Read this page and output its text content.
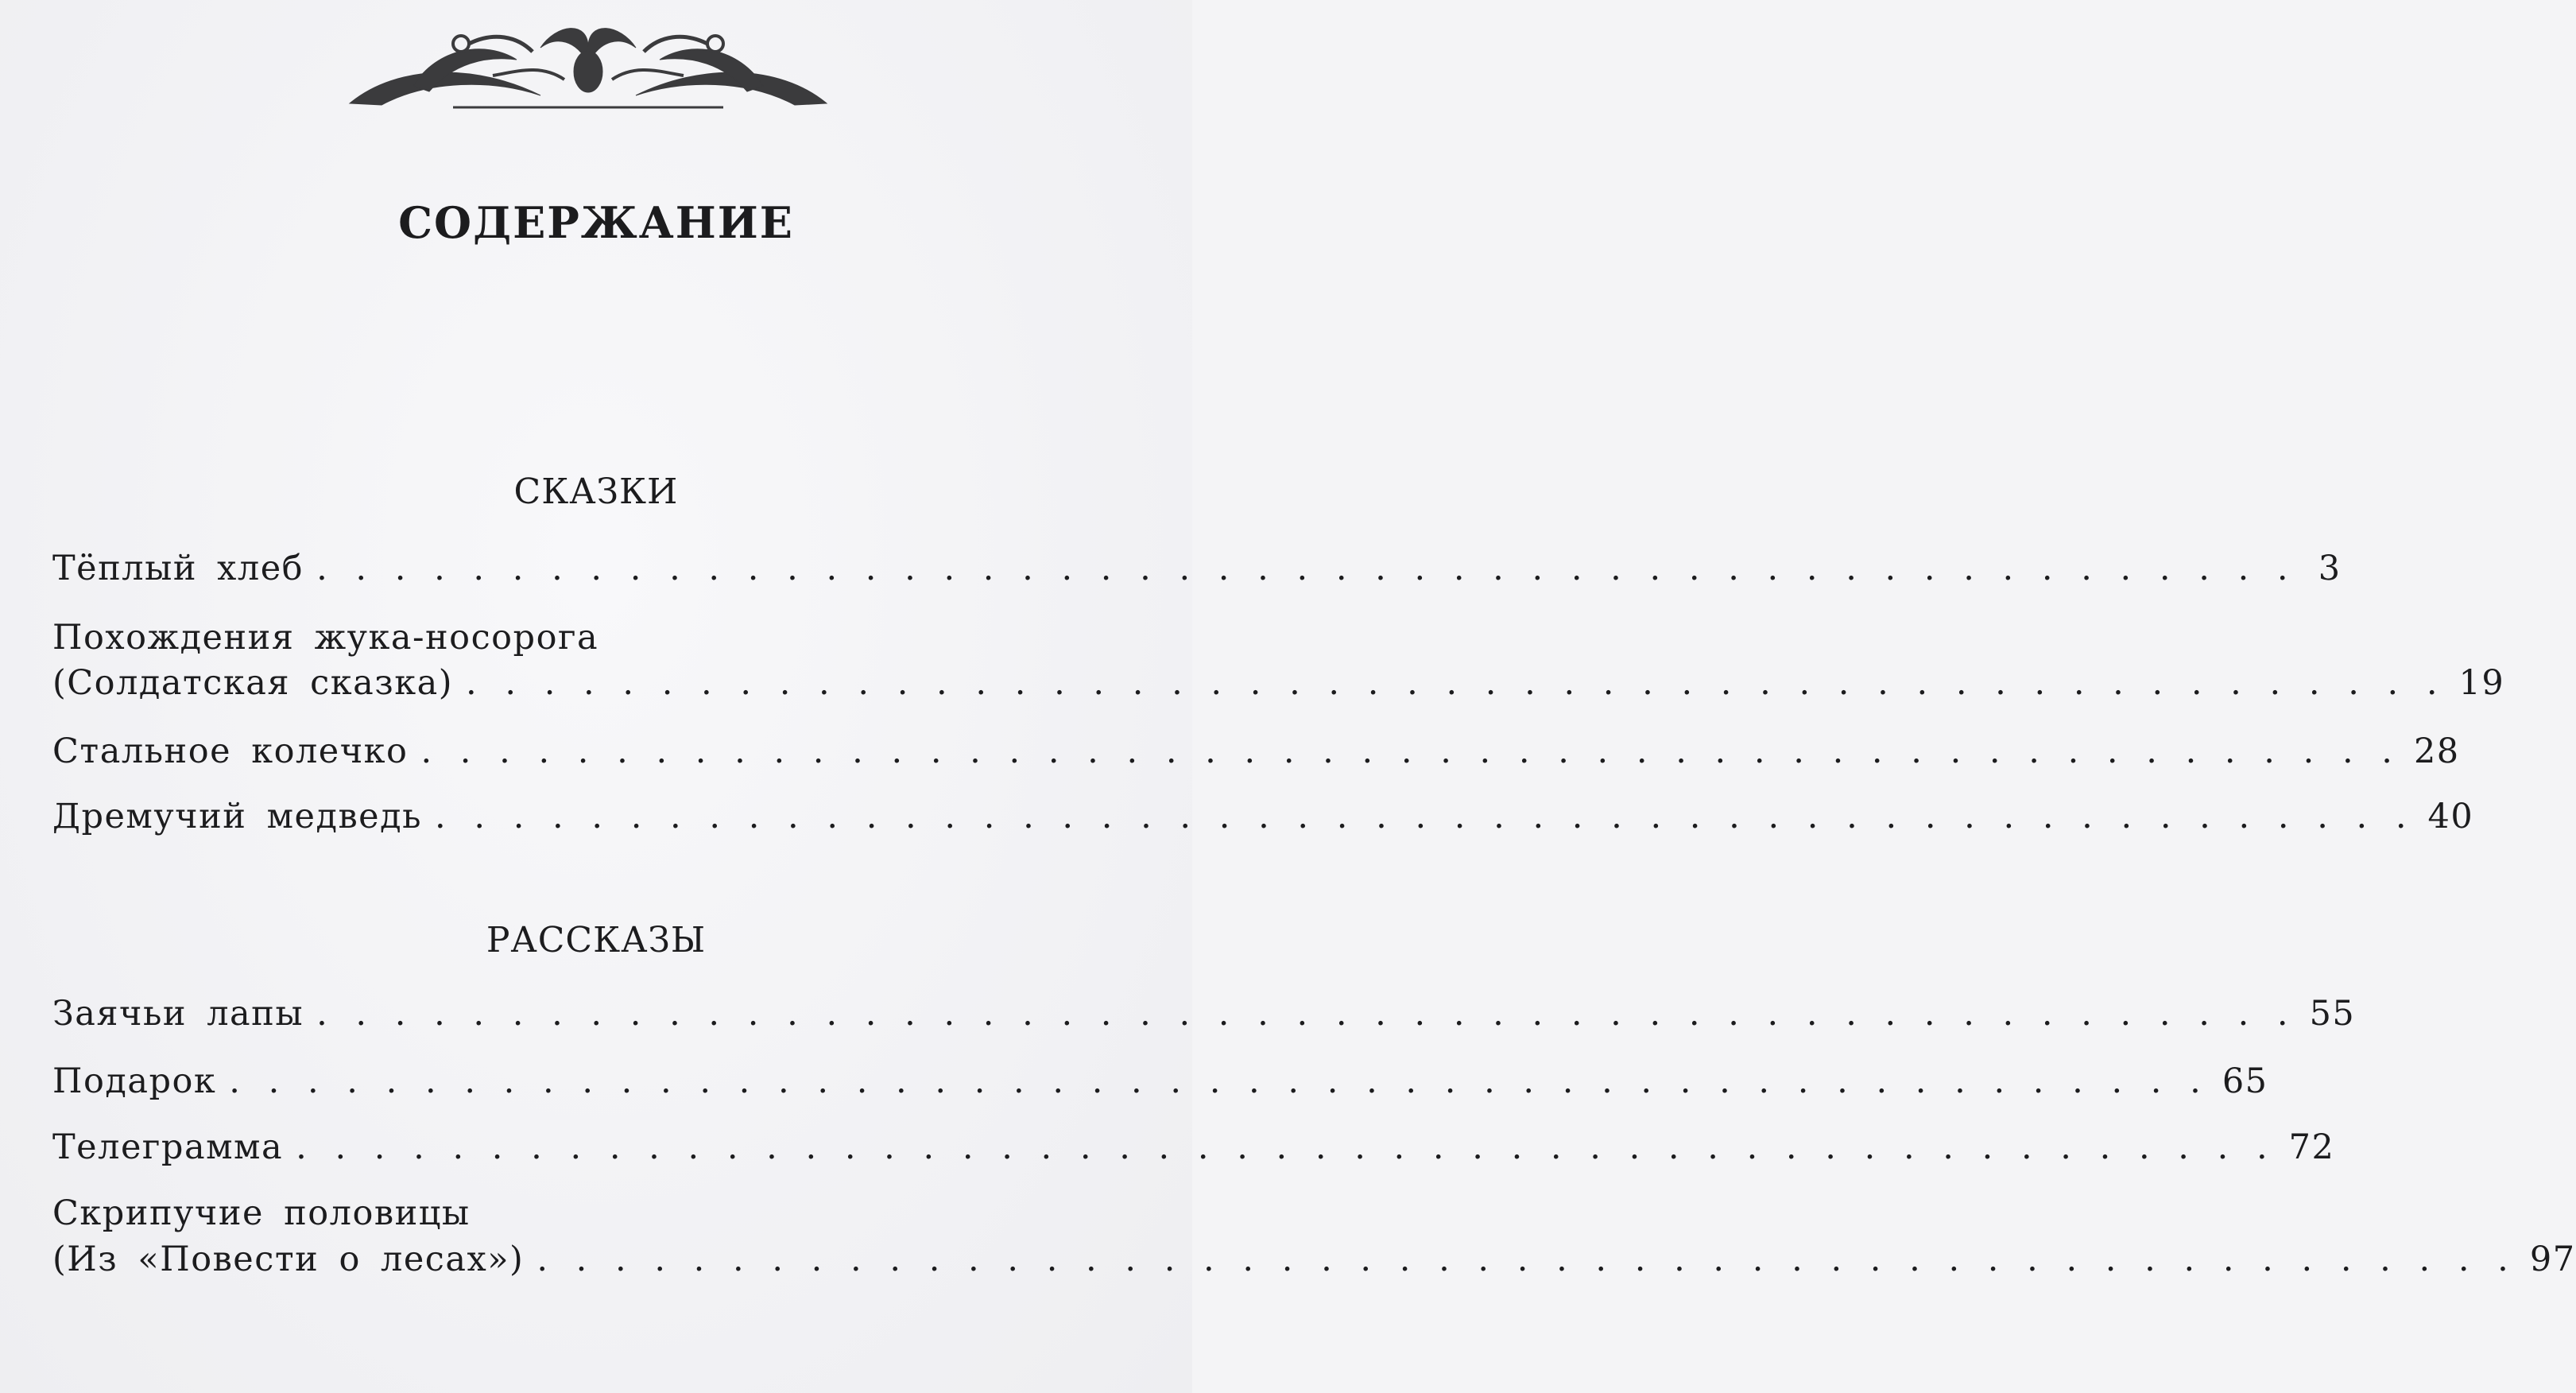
СОДЕРЖАНИЕ
СКАЗКИ
Тёплый хлеб . . . . . . . . . . . . . . . . . . . . . . . . . . . . . . . . . . . . . . . . . . . . . . . . . . . 3
Похождения жука-носорога
(Солдатская сказка) . . . . . . . . . . . . . . . . . . . . . . . . . . . . . . . . . . . . . . . . . . . . . . . . . . . 19
Стальное колечко . . . . . . . . . . . . . . . . . . . . . . . . . . . . . . . . . . . . . . . . . . . . . . . . . . . 28
Дремучий медведь . . . . . . . . . . . . . . . . . . . . . . . . . . . . . . . . . . . . . . . . . . . . . . . . . . . 40
РАССКАЗЫ
Заячьи лапы . . . . . . . . . . . . . . . . . . . . . . . . . . . . . . . . . . . . . . . . . . . . . . . . . . . 55
Подарок . . . . . . . . . . . . . . . . . . . . . . . . . . . . . . . . . . . . . . . . . . . . . . . . . . . 65
Телеграмма . . . . . . . . . . . . . . . . . . . . . . . . . . . . . . . . . . . . . . . . . . . . . . . . . . . 72
Скрипучие половицы
(Из «Повести о лесах») . . . . . . . . . . . . . . . . . . . . . . . . . . . . . . . . . . . . . . . . . . . . . . . . . . . 97
